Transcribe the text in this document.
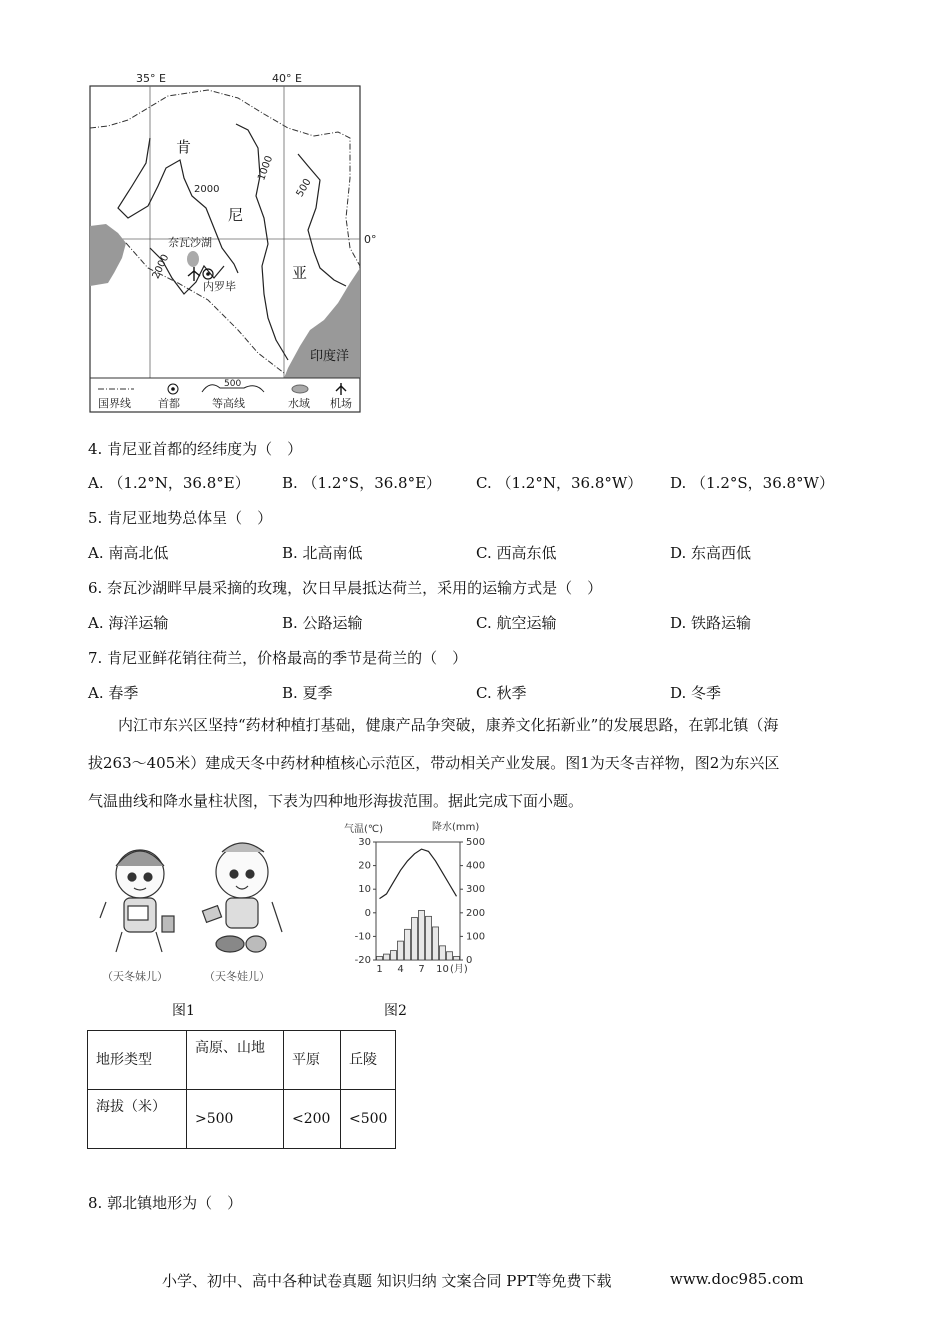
35° E	40° E
0°
印度洋
2000
1000
500
2000
肯
尼
亚
奈瓦沙湖
内罗毕
国界线 首都
500
等高线	水域 机场
4. 肯尼亚首都的经纬度为（　）
A. （1.2°N，36.8°E） B. （1.2°S，36.8°E） C. （1.2°N，36.8°W） D. （1.2°S，36.8°W）
5. 肯尼亚地势总体呈（　）
A. 南高北低	B. 北高南低	C. 西高东低	D. 东高西低
6. 奈瓦沙湖畔早晨采摘的玫瑰，次日早晨抵达荷兰，采用的运输方式是（　）
A. 海洋运输	B. 公路运输	C. 航空运输	D. 铁路运输
7. 肯尼亚鲜花销往荷兰，价格最高的季节是荷兰的（　）
A. 春季	B. 夏季	C. 秋季	D. 冬季
内江市东兴区坚持“药材种植打基础，健康产品争突破，康养文化拓新业”的发展思路，在郭北镇（海
拔263～405米）建成天冬中药材种植核心示范区，带动相关产业发展。图1为天冬吉祥物，图2为东兴区
气温曲线和降水量柱状图，下表为四种地形海拔范围。据此完成下面小题。
（天冬妹儿）	（天冬娃儿）
图1
气温(℃)	降水(mm)
30
20
10
0
-10
-20
500
400
300
200
100
0
1 4 7 10 (月)
图2
地形类型	高原、山地	平原	丘陵
海拔（米）	>500	<200	<500
8. 郭北镇地形为（　）
小学、初中、高中各种试卷真题 知识归纳 文案合同 PPT等免费下载	www.doc985.com
